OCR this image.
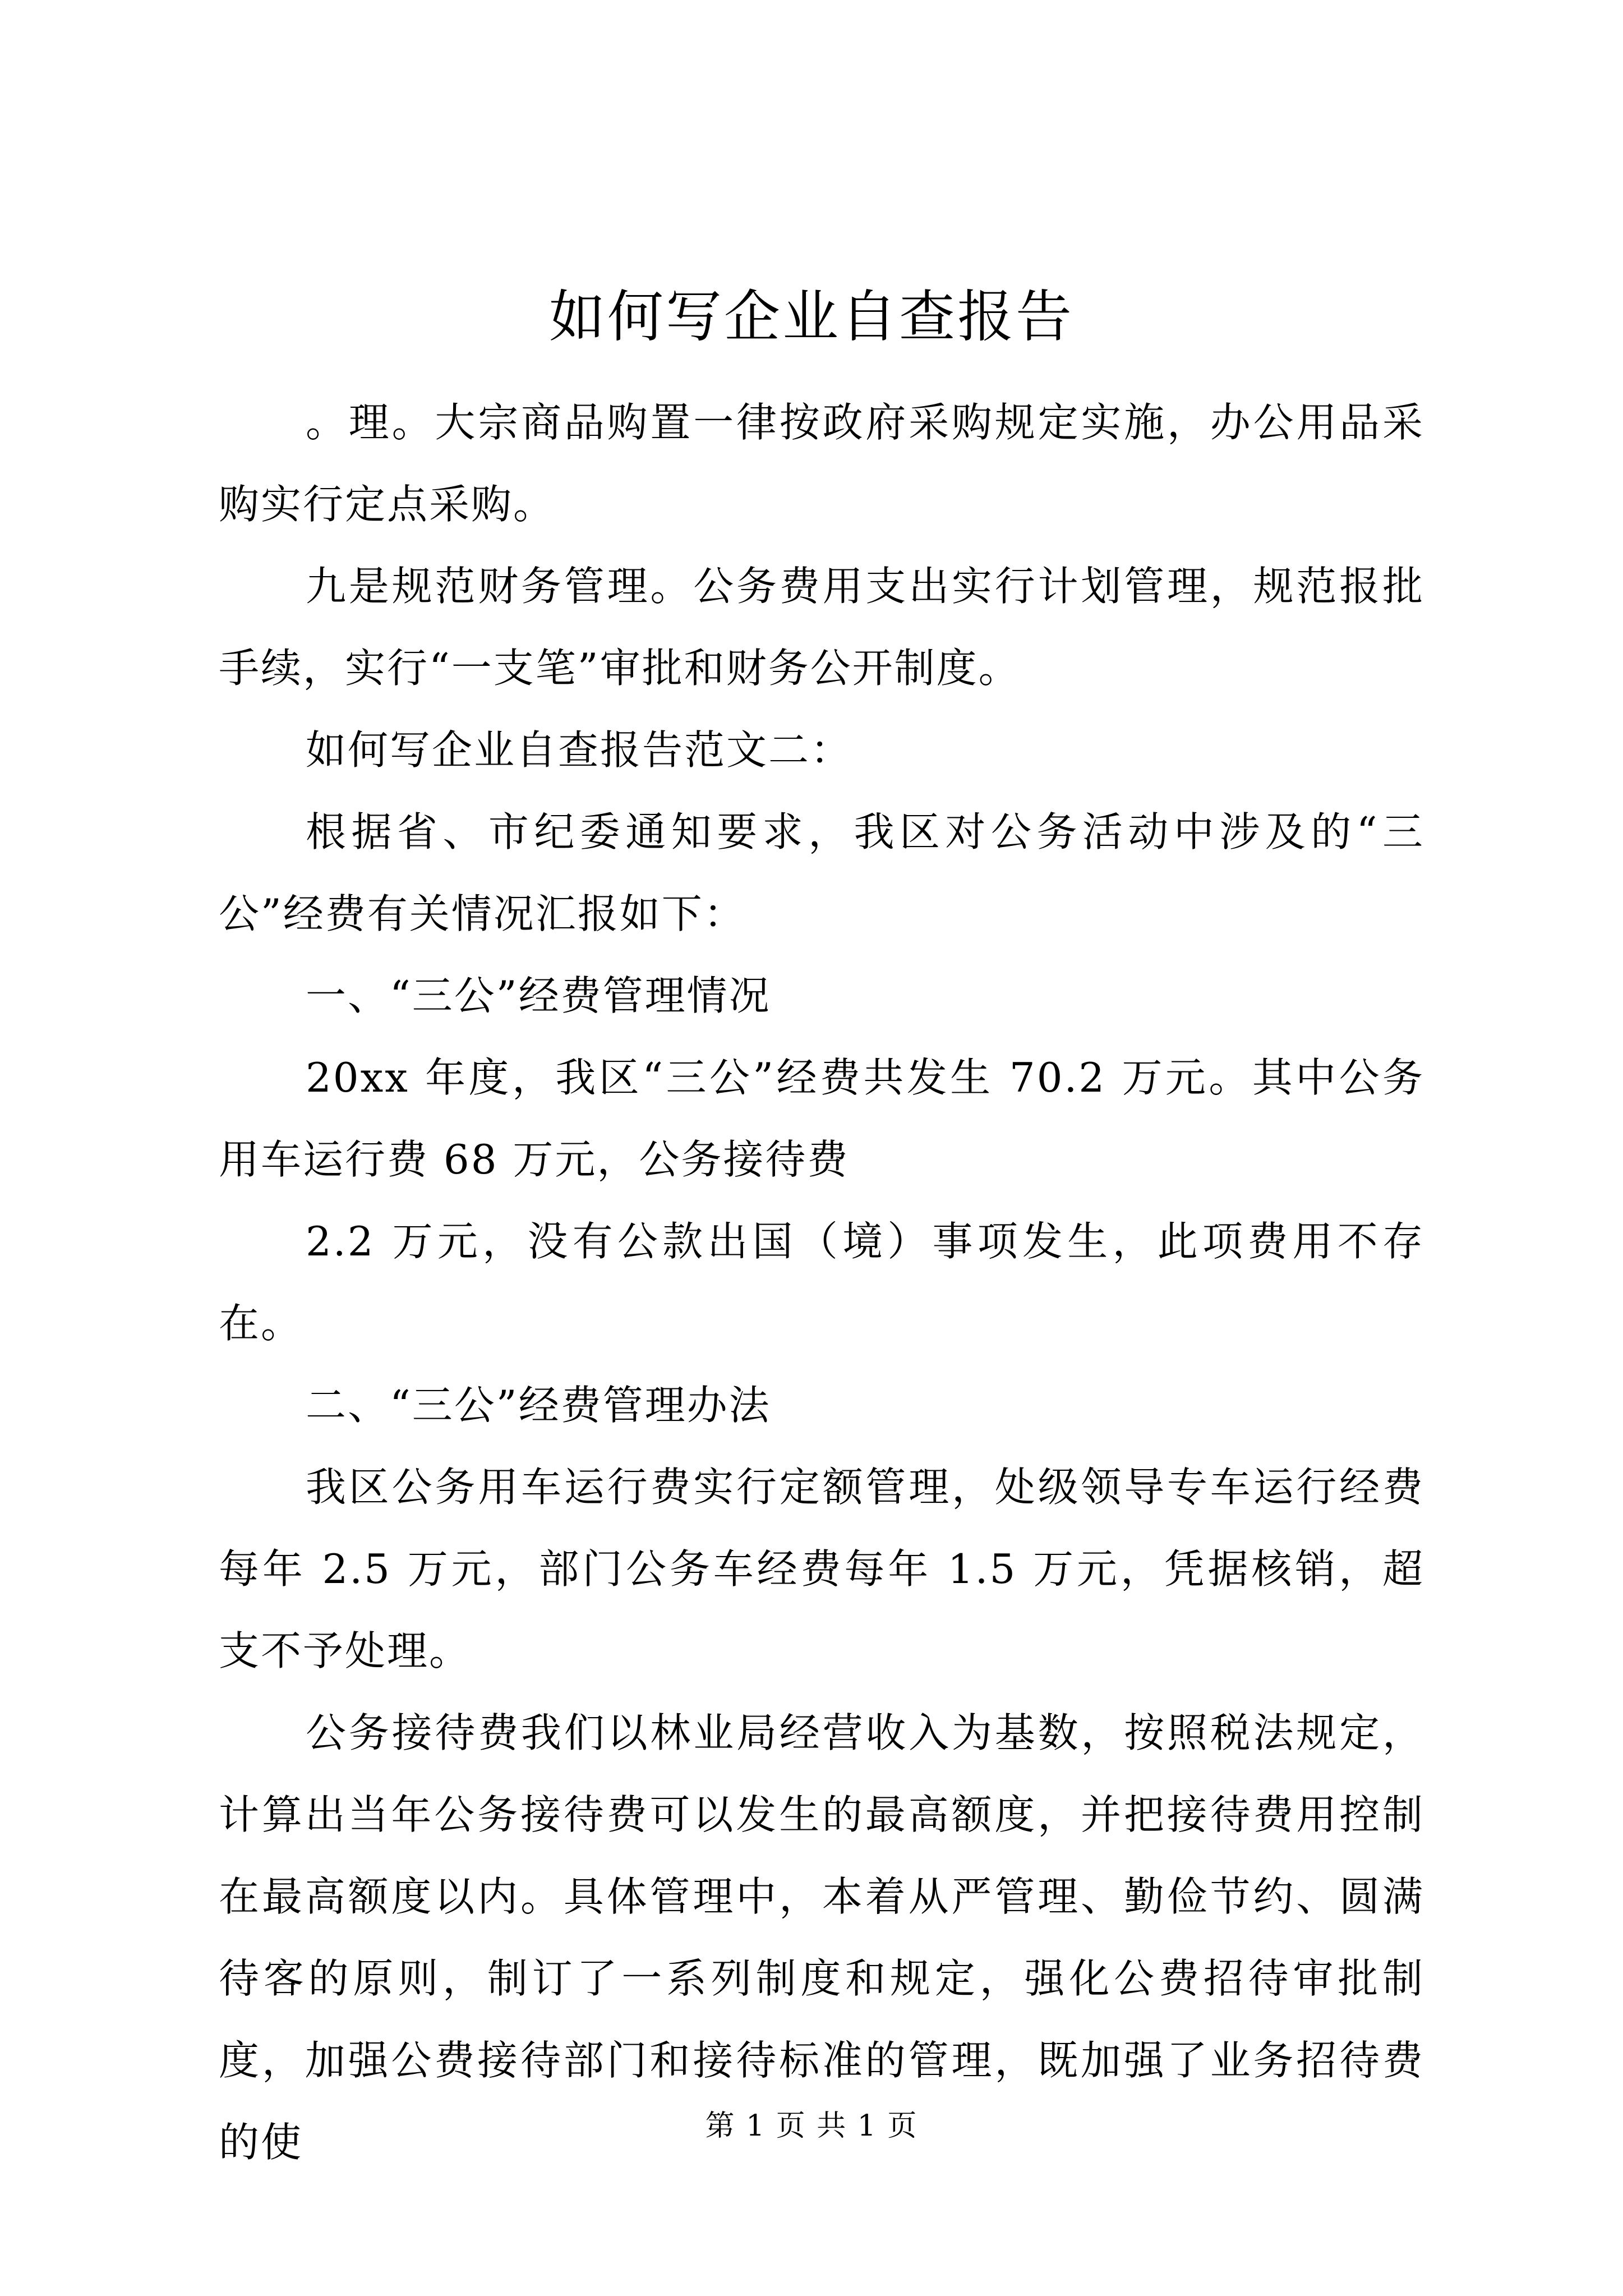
如何写企业自查报告

。理。大宗商品购置一律按政府采购规定实施，办公用品采购实行定点采购。

九是规范财务管理。公务费用支出实行计划管理，规范报批手续，实行“一支笔”审批和财务公开制度。

如何写企业自查报告范文二：

根据省、市纪委通知要求，我区对公务活动中涉及的“三公”经费有关情况汇报如下：

一、“三公”经费管理情况

20xx 年度，我区“三公”经费共发生 70.2 万元。其中公务用车运行费 68 万元，公务接待费

2.2 万元，没有公款出国（境）事项发生，此项费用不存在。

二、“三公”经费管理办法

我区公务用车运行费实行定额管理，处级领导专车运行经费每年 2.5 万元，部门公务车经费每年 1.5 万元，凭据核销，超支不予处理。

公务接待费我们以林业局经营收入为基数，按照税法规定，计算出当年公务接待费可以发生的最高额度，并把接待费用控制在最高额度以内。具体管理中，本着从严管理、勤俭节约、圆满待客的原则，制订了一系列制度和规定，强化公费招待审批制度，加强公费接待部门和接待标准的管理，既加强了业务招待费的使	第 1 页 共 1 页
